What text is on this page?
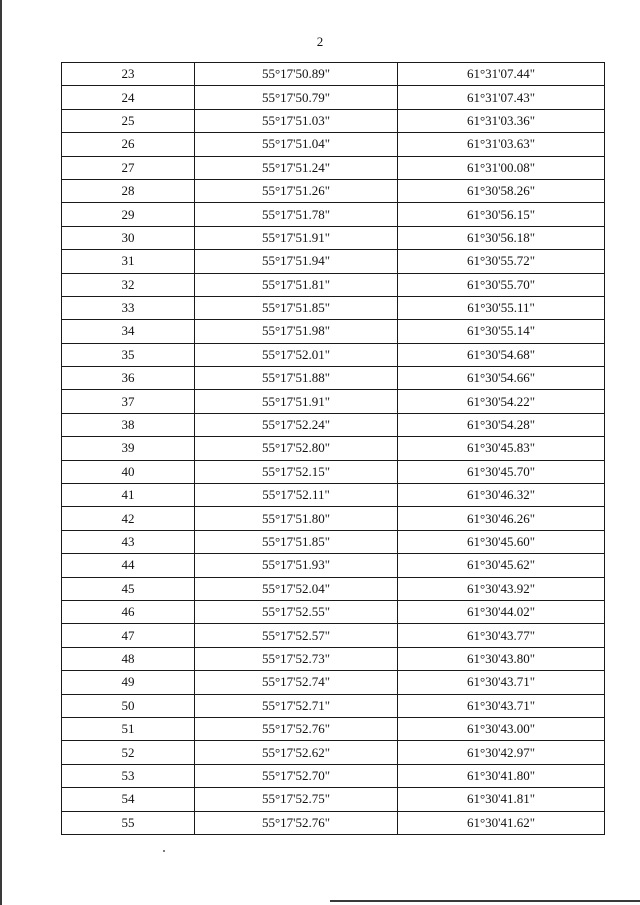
2
23	55°17'50.89"	61°31'07.44"
24	55°17'50.79"	61°31'07.43"
25	55°17'51.03"	61°31'03.36"
26	55°17'51.04"	61°31'03.63"
27	55°17'51.24"	61°31'00.08"
28	55°17'51.26"	61°30'58.26"
29	55°17'51.78"	61°30'56.15"
30	55°17'51.91"	61°30'56.18"
31	55°17'51.94"	61°30'55.72"
32	55°17'51.81"	61°30'55.70"
33	55°17'51.85"	61°30'55.11"
34	55°17'51.98"	61°30'55.14"
35	55°17'52.01"	61°30'54.68"
36	55°17'51.88"	61°30'54.66"
37	55°17'51.91"	61°30'54.22"
38	55°17'52.24"	61°30'54.28"
39	55°17'52.80"	61°30'45.83"
40	55°17'52.15"	61°30'45.70"
41	55°17'52.11"	61°30'46.32"
42	55°17'51.80"	61°30'46.26"
43	55°17'51.85"	61°30'45.60"
44	55°17'51.93"	61°30'45.62"
45	55°17'52.04"	61°30'43.92"
46	55°17'52.55"	61°30'44.02"
47	55°17'52.57"	61°30'43.77"
48	55°17'52.73"	61°30'43.80"
49	55°17'52.74"	61°30'43.71"
50	55°17'52.71"	61°30'43.71"
51	55°17'52.76"	61°30'43.00"
52	55°17'52.62"	61°30'42.97"
53	55°17'52.70"	61°30'41.80"
54	55°17'52.75"	61°30'41.81"
55	55°17'52.76"	61°30'41.62"
